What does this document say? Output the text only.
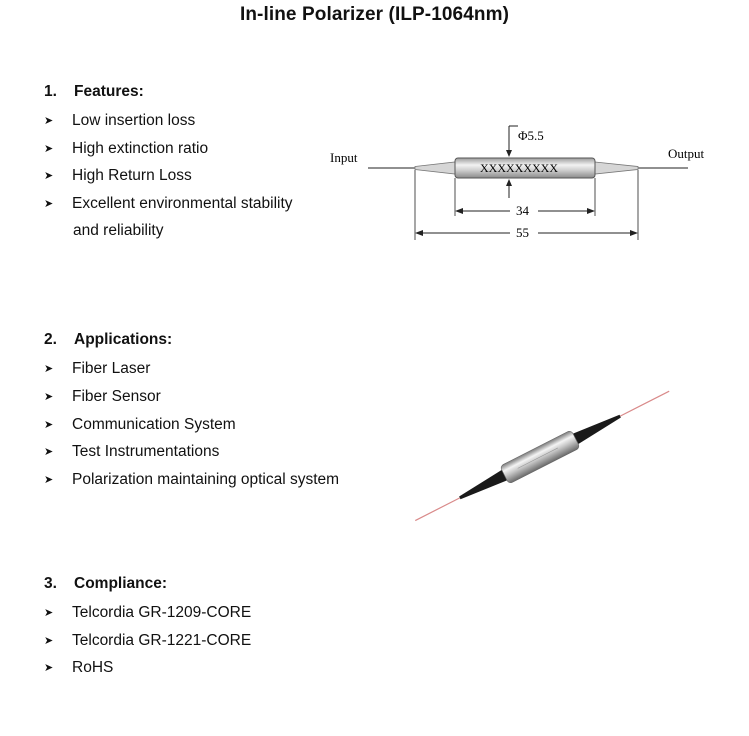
In-line Polarizer (ILP-1064nm)
1. Features:
➤ Low insertion loss
➤ High extinction ratio
➤ High Return Loss
➤ Excellent environmental stability
and reliability
Input	Output
XXXXXXXXX
Φ5.5
34
55
2. Applications:
➤ Fiber Laser
➤ Fiber Sensor
➤ Communication System
➤ Test Instrumentations
➤ Polarization maintaining optical system
3. Compliance:
➤ Telcordia GR-1209-CORE
➤ Telcordia GR-1221-CORE
➤ RoHS
